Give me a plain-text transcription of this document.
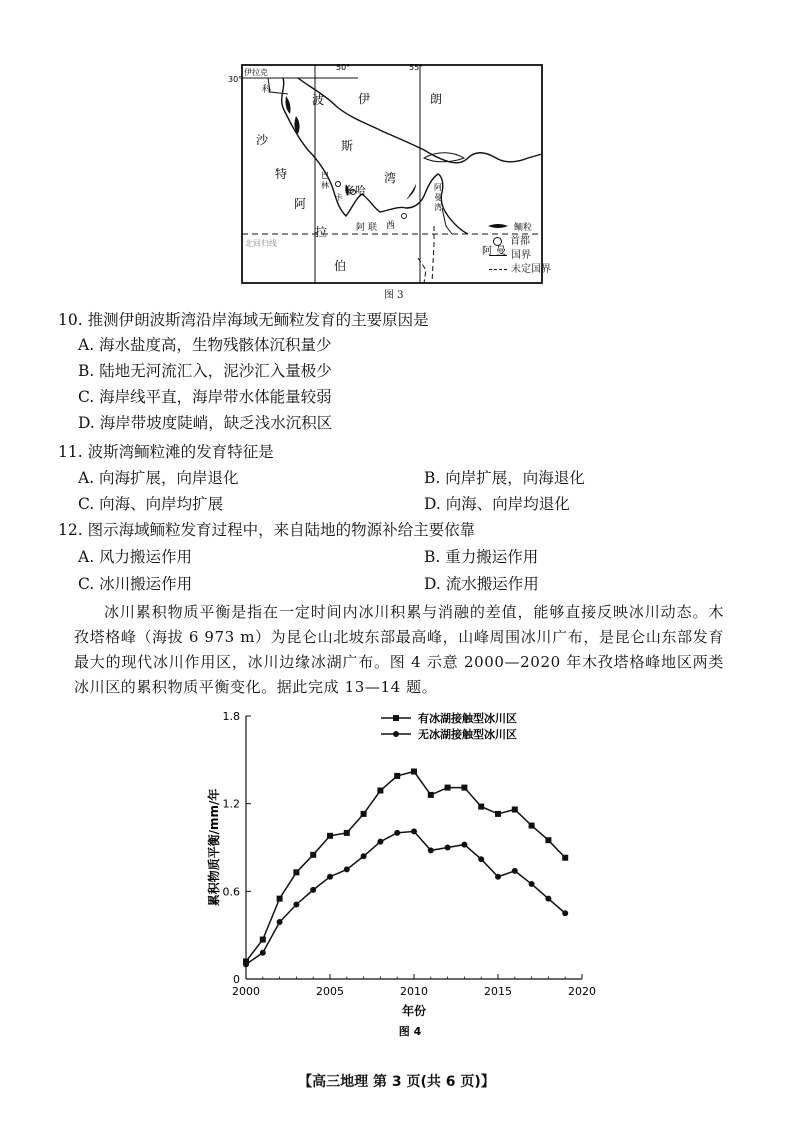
50°	55°
30°
伊拉克
科
波
斯
湾
伊	朗
沙
特
阿
拉
伯
巴
林
卡
多哈
阿 联 酋
阿 曼
阿
曼
湾
北回归线
鲕粒
首都
国界
未定国界
图 3
10. 推测伊朗波斯湾沿岸海域无鲕粒发育的主要原因是
A. 海水盐度高，生物残骸体沉积量少
B. 陆地无河流汇入，泥沙汇入量极少
C. 海岸线平直，海岸带水体能量较弱
D. 海岸带坡度陡峭，缺乏浅水沉积区
11. 波斯湾鲕粒滩的发育特征是
A. 向海扩展，向岸退化	B. 向岸扩展，向海退化
C. 向海、向岸均扩展	D. 向海、向岸均退化
12. 图示海域鲕粒发育过程中，来自陆地的物源补给主要依靠
A. 风力搬运作用	B. 重力搬运作用
C. 冰川搬运作用	D. 流水搬运作用
冰川累积物质平衡是指在一定时间内冰川积累与消融的差值，能够直接反映冰川动态。木孜塔格峰（海拔 6 973 m）为昆仑山北坡东部最高峰，山峰周围冰川广布，是昆仑山东部发育最大的现代冰川作用区，冰川边缘冰湖广布。图 4 示意 2000—2020 年木孜塔格峰地区两类冰川区的累积物质平衡变化。据此完成 13—14 题。
0
0.6
1.2
1.8
2000	2005	2010	2015	2020
年份
累积物质平衡/mm/年
图 4
有冰湖接触型冰川区
无冰湖接触型冰川区
【高三地理 第 3 页(共 6 页)】
